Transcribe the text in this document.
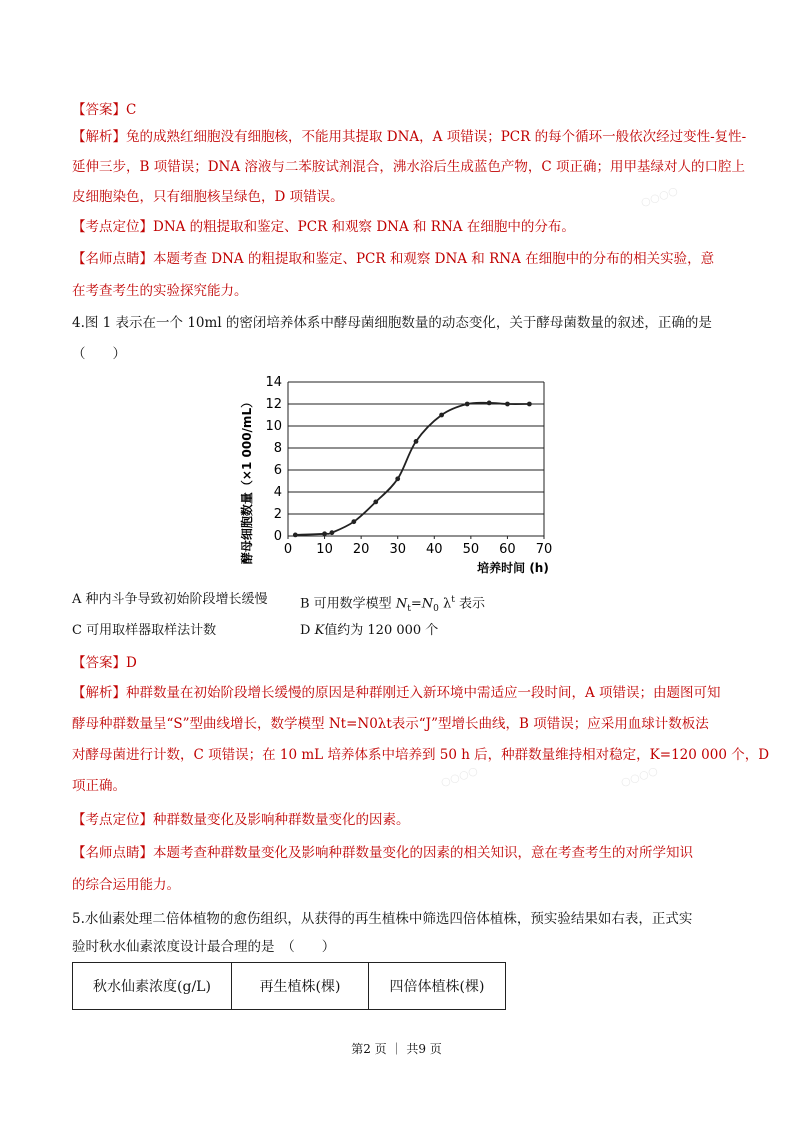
○○○○
○○○○	○○○○
【答案】C
【解析】兔的成熟红细胞没有细胞核，不能用其提取 DNA，A 项错误；PCR 的每个循环一般依次经过变性-复性-
延伸三步，B 项错误；DNA 溶液与二苯胺试剂混合，沸水浴后生成蓝色产物，C 项正确；用甲基绿对人的口腔上
皮细胞染色，只有细胞核呈绿色，D 项错误。
【考点定位】DNA 的粗提取和鉴定、PCR 和观察 DNA 和 RNA 在细胞中的分布。
【名师点睛】本题考查 DNA 的粗提取和鉴定、PCR 和观察 DNA 和 RNA 在细胞中的分布的相关实验，意
在考查考生的实验探究能力。
4.图 1 表示在一个 10ml 的密闭培养体系中酵母菌细胞数量的动态变化，关于酵母菌数量的叙述，正确的是
（　　）
0
2
4
6
8
10
12
14
0 10 20 30 40 50 60 70
酵母细胞数量（×1 000/mL）
培养时间 (h)
A 种内斗争导致初始阶段增长缓慢 B 可用数学模型 $N_t=N_0$ $\lambda^t$ 表示
C 可用取样器取样法计数	D K值约为 120 000 个
【答案】D
【解析】种群数量在初始阶段增长缓慢的原因是种群刚迁入新环境中需适应一段时间，A 项错误；由题图可知
酵母种群数量呈“S”型曲线增长，数学模型 Nt=N0λt表示“J”型增长曲线，B 项错误；应采用血球计数板法
对酵母菌进行计数，C 项错误；在 10 mL 培养体系中培养到 50 h 后，种群数量维持相对稳定，K=120 000 个，D
项正确。
【考点定位】种群数量变化及影响种群数量变化的因素。
【名师点睛】本题考查种群数量变化及影响种群数量变化的因素的相关知识，意在考查考生的对所学知识
的综合运用能力。
5.水仙素处理二倍体植物的愈伤组织，从获得的再生植株中筛选四倍体植株，预实验结果如右表，正式实
验时秋水仙素浓度设计最合理的是　（　　）
秋水仙素浓度(g/L)	再生植株(棵)	四倍体植株(棵)
第2 页 ｜ 共9 页
